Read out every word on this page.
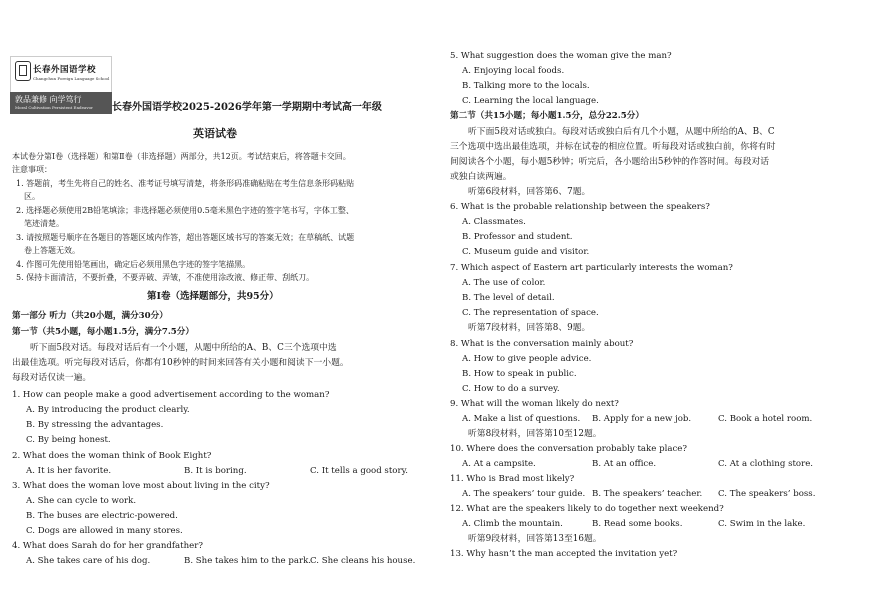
长春外国语学校
Changchun Foreign Language School
敦品兼修 向学笃行
Moral Cultivation Persistent Endeavor 长春外国语学校2025-2026学年第一学期期中考试高一年级
英语试卷
本试卷分第Ⅰ卷（选择题）和第Ⅱ卷（非选择题）两部分，共12页。考试结束后，将答题卡交回。
注意事项：
1. 答题前，考生先将自己的姓名、准考证号填写清楚，将条形码准确粘贴在考生信息条形码粘贴
区。
2. 选择题必须使用2B铅笔填涂；非选择题必须使用0.5毫米黑色字迹的签字笔书写，字体工整、
笔迹清楚。
3. 请按照题号顺序在各题目的答题区域内作答，超出答题区域书写的答案无效；在草稿纸、试题
卷上答题无效。
4. 作图可先使用铅笔画出，确定后必须用黑色字迹的签字笔描黑。
5. 保持卡面清洁，不要折叠，不要弄破、弄皱，不准使用涂改液、修正带、刮纸刀。
第Ⅰ卷（选择题部分，共95分）
第一部分 听力（共20小题，满分30分）
第一节（共5小题，每小题1.5分，满分7.5分）
听下面5段对话。每段对话后有一个小题，从题中所给的A、B、C三个选项中选
出最佳选项。听完每段对话后，你都有10秒钟的时间来回答有关小题和阅读下一小题。
每段对话仅读一遍。
1. How can people make a good advertisement according to the woman?
A. By introducing the product clearly.
B. By stressing the advantages.
C. By being honest.
2. What does the woman think of Book Eight?
A. It is her favorite.	B. It is boring.	C. It tells a good story.
3. What does the woman love most about living in the city?
A. She can cycle to work.
B. The buses are electric-powered.
C. Dogs are allowed in many stores.
4. What does Sarah do for her grandfather?
A. She takes care of his dog.	B. She takes him to the park.
C. She cleans his house.
5. What suggestion does the woman give the man?
A. Enjoying local foods.
B. Talking more to the locals.
C. Learning the local language.
第二节（共15小题；每小题1.5分，总分22.5分）
听下面5段对话或独白。每段对话或独白后有几个小题，从题中所给的A、B、C
三个选项中选出最佳选项，并标在试卷的相应位置。听每段对话或独白前，你将有时
间阅读各个小题，每小题5秒钟；听完后，各小题给出5秒钟的作答时间。每段对话
或独白读两遍。
听第6段材料，回答第6、7题。
6. What is the probable relationship between the speakers?
A. Classmates.
B. Professor and student.
C. Museum guide and visitor.
7. Which aspect of Eastern art particularly interests the woman?
A. The use of color.
B. The level of detail.
C. The representation of space.
听第7段材料，回答第8、9题。
8. What is the conversation mainly about?
A. How to give people advice.
B. How to speak in public.
C. How to do a survey.
9. What will the woman likely do next?
A. Make a list of questions. B. Apply for a new job.	C. Book a hotel room.
听第8段材料，回答第10至12题。
10. Where does the conversation probably take place?
A. At a campsite.	B. At an office.	C. At a clothing store.
11. Who is Brad most likely?
A. The speakers’ tour guide. B. The speakers’ teacher. C. The speakers’ boss.
12. What are the speakers likely to do together next weekend?
A. Climb the mountain.	B. Read some books.	C. Swim in the lake.
听第9段材料，回答第13至16题。
13. Why hasn’t the man accepted the invitation yet?
